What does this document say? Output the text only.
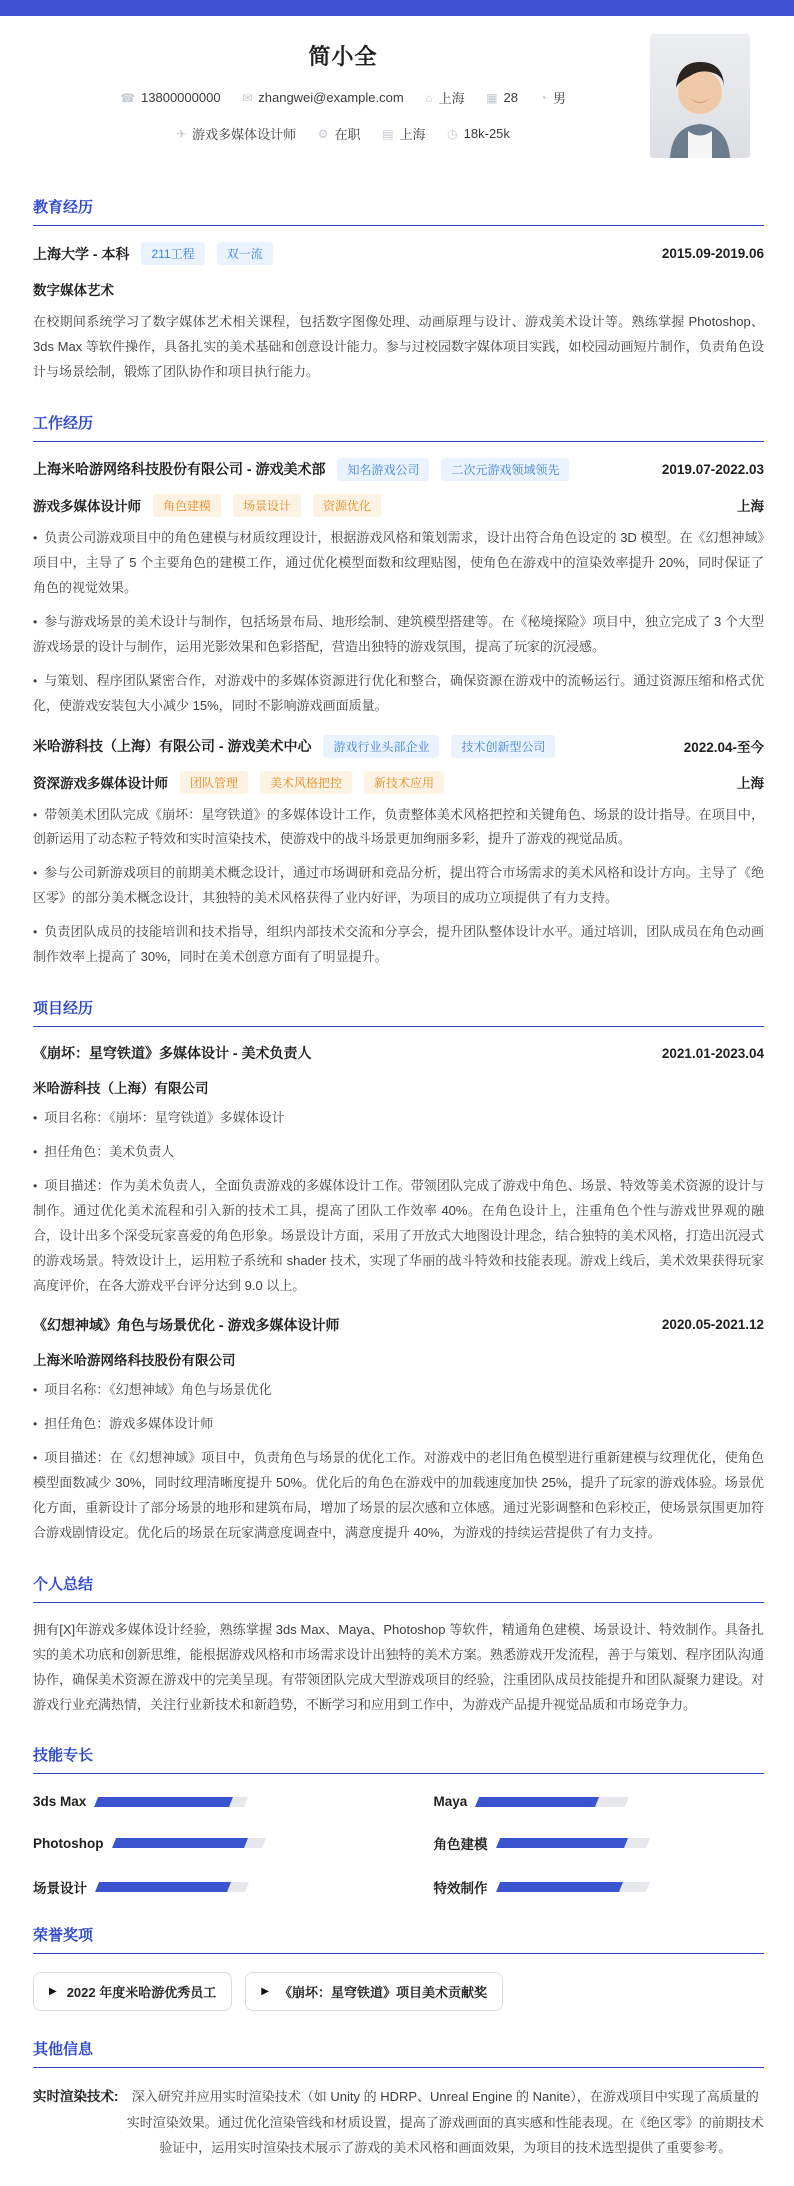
简小全
☎ 13800000000
✉ zhangwei@example.com
⌂ 上海
▦ 28
◔ 男
✈ 游戏多媒体设计师
⚙ 在职
▤ 上海
◷ 18k-25k
教育经历
上海大学 - 本科	211工程	双一流	2015.09-2019.06
数字媒体艺术
在校期间系统学习了数字媒体艺术相关课程，包括数字图像处理、动画原理与设计、游戏美术设计等。熟练掌握 Photoshop、3ds Max 等软件操作，具备扎实的美术基础和创意设计能力。参与过校园数字媒体项目实践，如校园动画短片制作，负责角色设计与场景绘制，锻炼了团队协作和项目执行能力。
工作经历
上海米哈游网络科技股份有限公司 - 游戏美术部	知名游戏公司	二次元游戏领域领先	2019.07-2022.03
游戏多媒体设计师	角色建模	场景设计	资源优化	上海
• 负责公司游戏项目中的角色建模与材质纹理设计，根据游戏风格和策划需求，设计出符合角色设定的 3D 模型。在《幻想神域》项目中，主导了 5 个主要角色的建模工作，通过优化模型面数和纹理贴图，使角色在游戏中的渲染效率提升 20%，同时保证了角色的视觉效果。
• 参与游戏场景的美术设计与制作，包括场景布局、地形绘制、建筑模型搭建等。在《秘境探险》项目中，独立完成了 3 个大型游戏场景的设计与制作，运用光影效果和色彩搭配，营造出独特的游戏氛围，提高了玩家的沉浸感。
• 与策划、程序团队紧密合作，对游戏中的多媒体资源进行优化和整合，确保资源在游戏中的流畅运行。通过资源压缩和格式优化，使游戏安装包大小减少 15%，同时不影响游戏画面质量。
米哈游科技（上海）有限公司 - 游戏美术中心	游戏行业头部企业	技术创新型公司	2022.04-至今
资深游戏多媒体设计师	团队管理	美术风格把控	新技术应用	上海
• 带领美术团队完成《崩坏：星穹铁道》的多媒体设计工作，负责整体美术风格把控和关键角色、场景的设计指导。在项目中，创新运用了动态粒子特效和实时渲染技术，使游戏中的战斗场景更加绚丽多彩，提升了游戏的视觉品质。
• 参与公司新游戏项目的前期美术概念设计，通过市场调研和竞品分析，提出符合市场需求的美术风格和设计方向。主导了《绝区零》的部分美术概念设计，其独特的美术风格获得了业内好评，为项目的成功立项提供了有力支持。
• 负责团队成员的技能培训和技术指导，组织内部技术交流和分享会，提升团队整体设计水平。通过培训，团队成员在角色动画制作效率上提高了 30%，同时在美术创意方面有了明显提升。
项目经历
《崩坏：星穹铁道》多媒体设计 - 美术负责人	2021.01-2023.04
米哈游科技（上海）有限公司
• 项目名称：《崩坏：星穹铁道》多媒体设计
• 担任角色：美术负责人
• 项目描述：作为美术负责人，全面负责游戏的多媒体设计工作。带领团队完成了游戏中角色、场景、特效等美术资源的设计与制作。通过优化美术流程和引入新的技术工具，提高了团队工作效率 40%。在角色设计上，注重角色个性与游戏世界观的融合，设计出多个深受玩家喜爱的角色形象。场景设计方面，采用了开放式大地图设计理念，结合独特的美术风格，打造出沉浸式的游戏场景。特效设计上，运用粒子系统和 shader 技术，实现了华丽的战斗特效和技能表现。游戏上线后，美术效果获得玩家高度评价，在各大游戏平台评分达到 9.0 以上。
《幻想神域》角色与场景优化 - 游戏多媒体设计师	2020.05-2021.12
上海米哈游网络科技股份有限公司
• 项目名称：《幻想神域》角色与场景优化
• 担任角色：游戏多媒体设计师
• 项目描述：在《幻想神域》项目中，负责角色与场景的优化工作。对游戏中的老旧角色模型进行重新建模与纹理优化，使角色模型面数减少 30%，同时纹理清晰度提升 50%。优化后的角色在游戏中的加载速度加快 25%，提升了玩家的游戏体验。场景优化方面，重新设计了部分场景的地形和建筑布局，增加了场景的层次感和立体感。通过光影调整和色彩校正，使场景氛围更加符合游戏剧情设定。优化后的场景在玩家满意度调查中，满意度提升 40%，为游戏的持续运营提供了有力支持。
个人总结
拥有[X]年游戏多媒体设计经验，熟练掌握 3ds Max、Maya、Photoshop 等软件，精通角色建模、场景设计、特效制作。具备扎实的美术功底和创新思维，能根据游戏风格和市场需求设计出独特的美术方案。熟悉游戏开发流程，善于与策划、程序团队沟通协作，确保美术资源在游戏中的完美呈现。有带领团队完成大型游戏项目的经验，注重团队成员技能提升和团队凝聚力建设。对游戏行业充满热情，关注行业新技术和新趋势，不断学习和应用到工作中，为游戏产品提升视觉品质和市场竞争力。
技能专长
3ds Max	Maya
Photoshop	角色建模
场景设计	特效制作
荣誉奖项
▶ 2022 年度米哈游优秀员工	▶ 《崩坏：星穹铁道》项目美术贡献奖
其他信息
实时渲染技术:	深入研究并应用实时渲染技术（如 Unity 的 HDRP、Unreal Engine 的 Nanite），在游戏项目中实现了高质量的实时渲染效果。通过优化渲染管线和材质设置，提高了游戏画面的真实感和性能表现。在《绝区零》的前期技术验证中，运用实时渲染技术展示了游戏的美术风格和画面效果，为项目的技术选型提供了重要参考。
